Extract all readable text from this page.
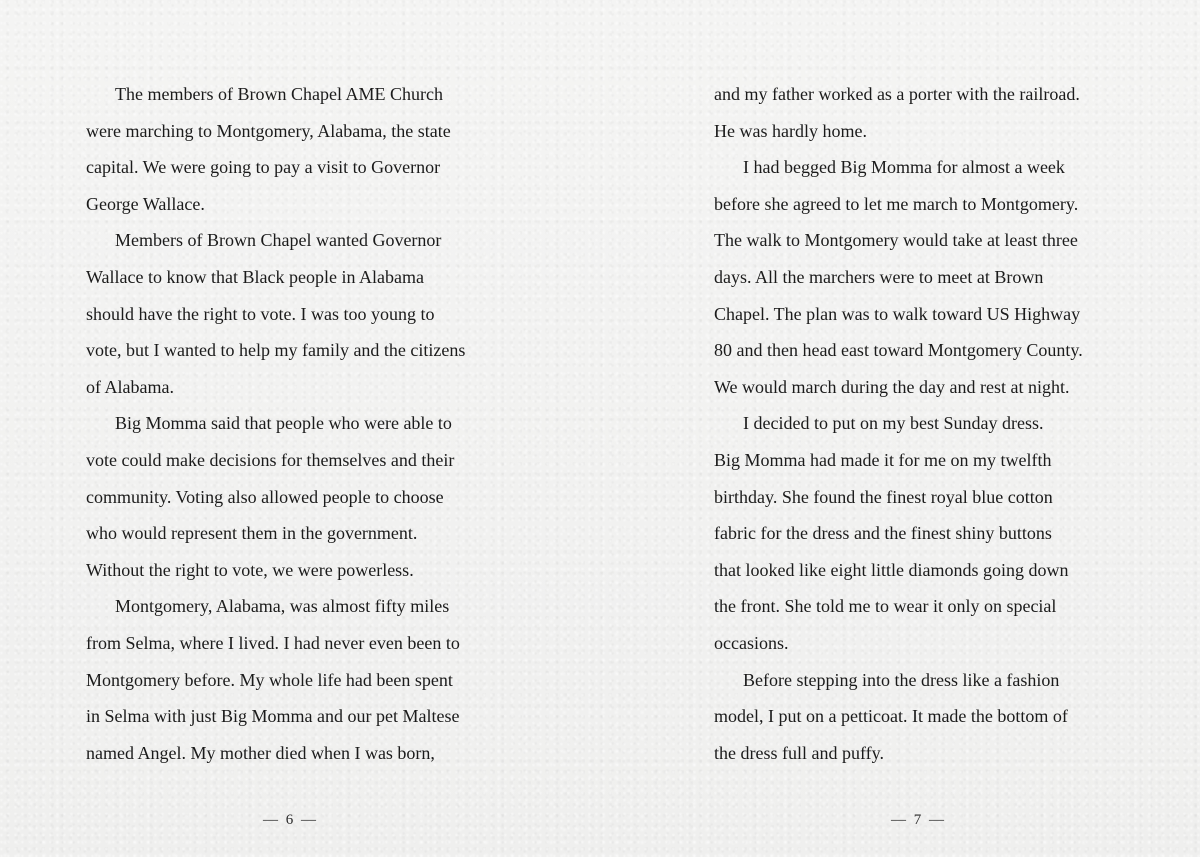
The members of Brown Chapel AME Church
were marching to Montgomery, Alabama, the state
capital. We were going to pay a visit to Governor
George Wallace.
Members of Brown Chapel wanted Governor
Wallace to know that Black people in Alabama
should have the right to vote. I was too young to
vote, but I wanted to help my family and the citizens
of Alabama.
Big Momma said that people who were able to
vote could make decisions for themselves and their
community. Voting also allowed people to choose
who would represent them in the government.
Without the right to vote, we were powerless.
Montgomery, Alabama, was almost fifty miles
from Selma, where I lived. I had never even been to
Montgomery before. My whole life had been spent
in Selma with just Big Momma and our pet Maltese
named Angel. My mother died when I was born,
and my father worked as a porter with the railroad.
He was hardly home.
I had begged Big Momma for almost a week
before she agreed to let me march to Montgomery.
The walk to Montgomery would take at least three
days. All the marchers were to meet at Brown
Chapel. The plan was to walk toward US Highway
80 and then head east toward Montgomery County.
We would march during the day and rest at night.
I decided to put on my best Sunday dress.
Big Momma had made it for me on my twelfth
birthday. She found the finest royal blue cotton
fabric for the dress and the finest shiny buttons
that looked like eight little diamonds going down
the front. She told me to wear it only on special
occasions.
Before stepping into the dress like a fashion
model, I put on a petticoat. It made the bottom of
the dress full and puffy.
— 6 —	— 7 —
